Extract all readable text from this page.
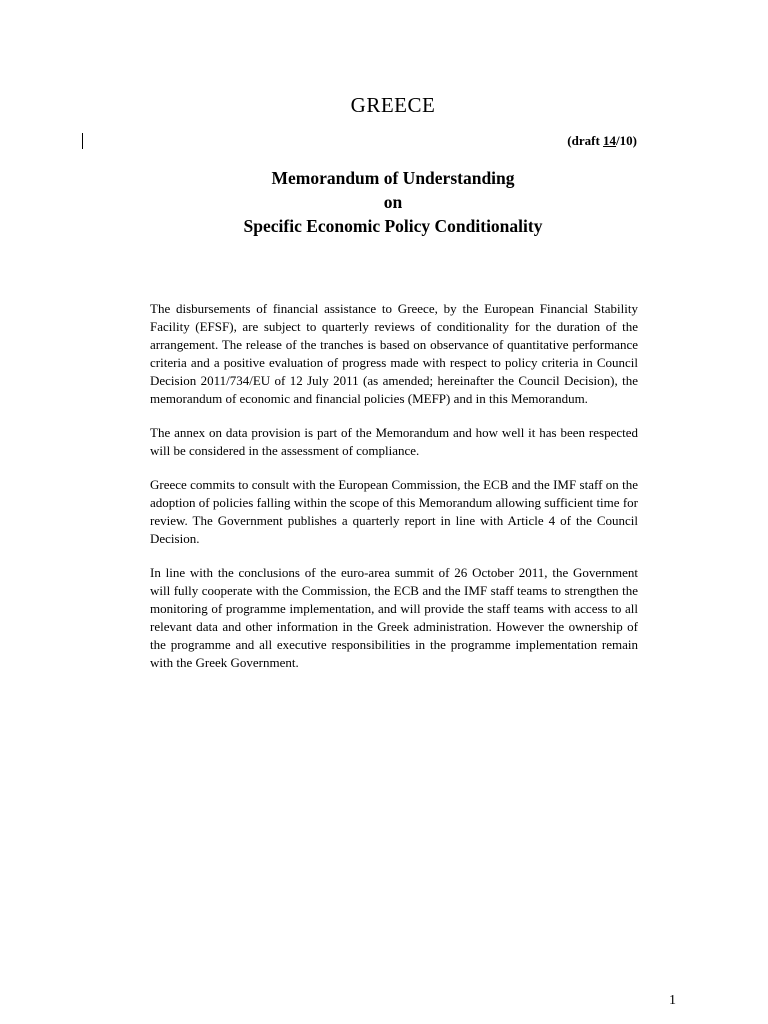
GREECE
(draft 14/10)
Memorandum of Understanding
on
Specific Economic Policy Conditionality

The disbursements of financial assistance to Greece, by the European Financial Stability Facility (EFSF), are subject to quarterly reviews of conditionality for the duration of the arrangement. The release of the tranches is based on observance of quantitative performance criteria and a positive evaluation of progress made with respect to policy criteria in Council Decision 2011/734/EU of 12 July 2011 (as amended; hereinafter the Council Decision), the memorandum of economic and financial policies (MEFP) and in this Memorandum.

The annex on data provision is part of the Memorandum and how well it has been respected will be considered in the assessment of compliance.

Greece commits to consult with the European Commission, the ECB and the IMF staff on the adoption of policies falling within the scope of this Memorandum allowing sufficient time for review. The Government publishes a quarterly report in line with Article 4 of the Council Decision.

In line with the conclusions of the euro-area summit of 26 October 2011, the Government will fully cooperate with the Commission, the ECB and the IMF staff teams to strengthen the monitoring of programme implementation, and will provide the staff teams with access to all relevant data and other information in the Greek administration. However the ownership of the programme and all executive responsibilities in the programme implementation remain with the Greek Government.

1
